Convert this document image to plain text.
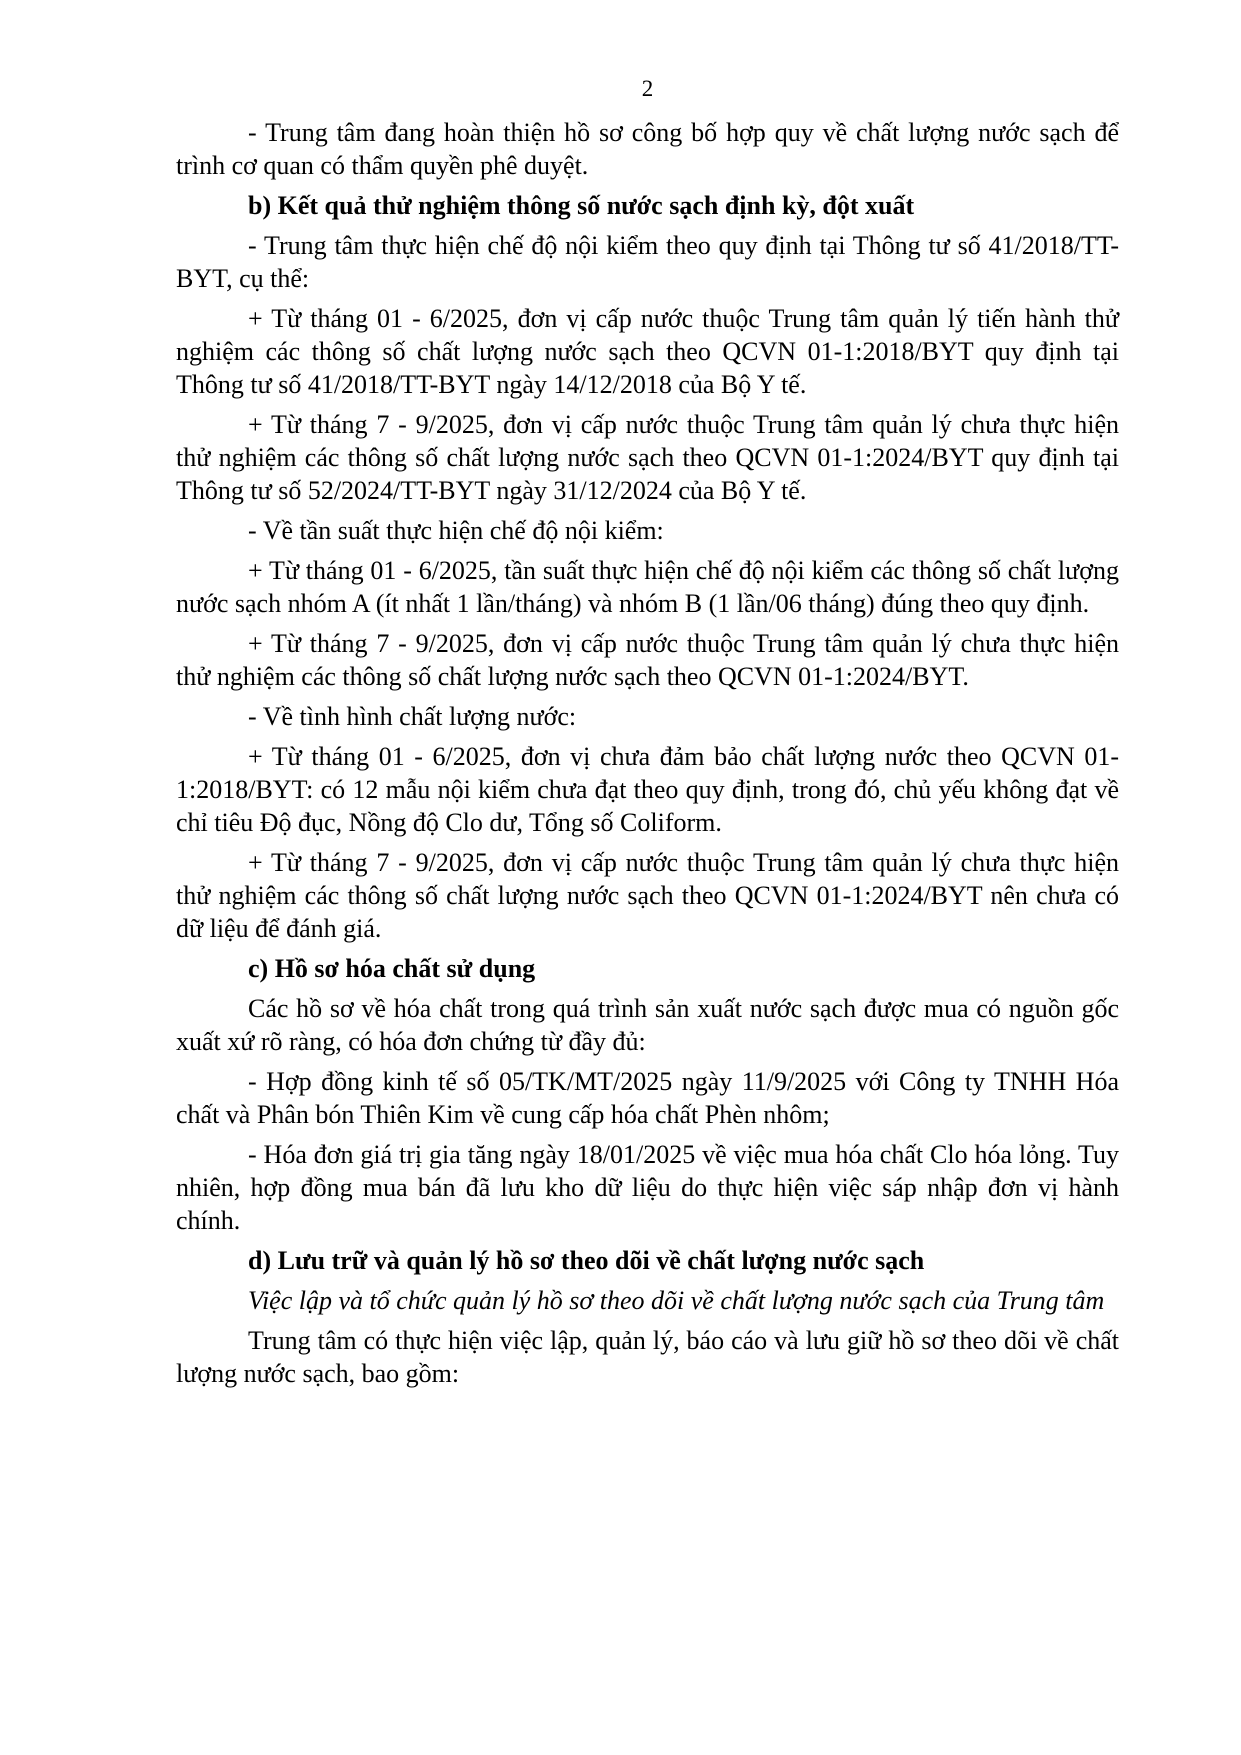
2

- Trung tâm đang hoàn thiện hồ sơ công bố hợp quy về chất lượng nước sạch để trình cơ quan có thẩm quyền phê duyệt.

b) Kết quả thử nghiệm thông số nước sạch định kỳ, đột xuất

- Trung tâm thực hiện chế độ nội kiểm theo quy định tại Thông tư số 41/2018/TT-BYT, cụ thể:

+ Từ tháng 01 - 6/2025, đơn vị cấp nước thuộc Trung tâm quản lý tiến hành thử nghiệm các thông số chất lượng nước sạch theo QCVN 01-1:2018/BYT quy định tại Thông tư số 41/2018/TT-BYT ngày 14/12/2018 của Bộ Y tế.

+ Từ tháng 7 - 9/2025, đơn vị cấp nước thuộc Trung tâm quản lý chưa thực hiện thử nghiệm các thông số chất lượng nước sạch theo QCVN 01-1:2024/BYT quy định tại Thông tư số 52/2024/TT-BYT ngày 31/12/2024 của Bộ Y tế.

- Về tần suất thực hiện chế độ nội kiểm:

+ Từ tháng 01 - 6/2025, tần suất thực hiện chế độ nội kiểm các thông số chất lượng nước sạch nhóm A (ít nhất 1 lần/tháng) và nhóm B (1 lần/06 tháng) đúng theo quy định.

+ Từ tháng 7 - 9/2025, đơn vị cấp nước thuộc Trung tâm quản lý chưa thực hiện thử nghiệm các thông số chất lượng nước sạch theo QCVN 01-1:2024/BYT.

- Về tình hình chất lượng nước:

+ Từ tháng 01 - 6/2025, đơn vị chưa đảm bảo chất lượng nước theo QCVN 01-1:2018/BYT: có 12 mẫu nội kiểm chưa đạt theo quy định, trong đó, chủ yếu không đạt về chỉ tiêu Độ đục, Nồng độ Clo dư, Tổng số Coliform.

+ Từ tháng 7 - 9/2025, đơn vị cấp nước thuộc Trung tâm quản lý chưa thực hiện thử nghiệm các thông số chất lượng nước sạch theo QCVN 01-1:2024/BYT nên chưa có dữ liệu để đánh giá.

c) Hồ sơ hóa chất sử dụng

Các hồ sơ về hóa chất trong quá trình sản xuất nước sạch được mua có nguồn gốc xuất xứ rõ ràng, có hóa đơn chứng từ đầy đủ:

- Hợp đồng kinh tế số 05/TK/MT/2025 ngày 11/9/2025 với Công ty TNHH Hóa chất và Phân bón Thiên Kim về cung cấp hóa chất Phèn nhôm;

- Hóa đơn giá trị gia tăng ngày 18/01/2025 về việc mua hóa chất Clo hóa lỏng. Tuy nhiên, hợp đồng mua bán đã lưu kho dữ liệu do thực hiện việc sáp nhập đơn vị hành chính.

d) Lưu trữ và quản lý hồ sơ theo dõi về chất lượng nước sạch

Việc lập và tổ chức quản lý hồ sơ theo dõi về chất lượng nước sạch của Trung tâm

Trung tâm có thực hiện việc lập, quản lý, báo cáo và lưu giữ hồ sơ theo dõi về chất lượng nước sạch, bao gồm:
